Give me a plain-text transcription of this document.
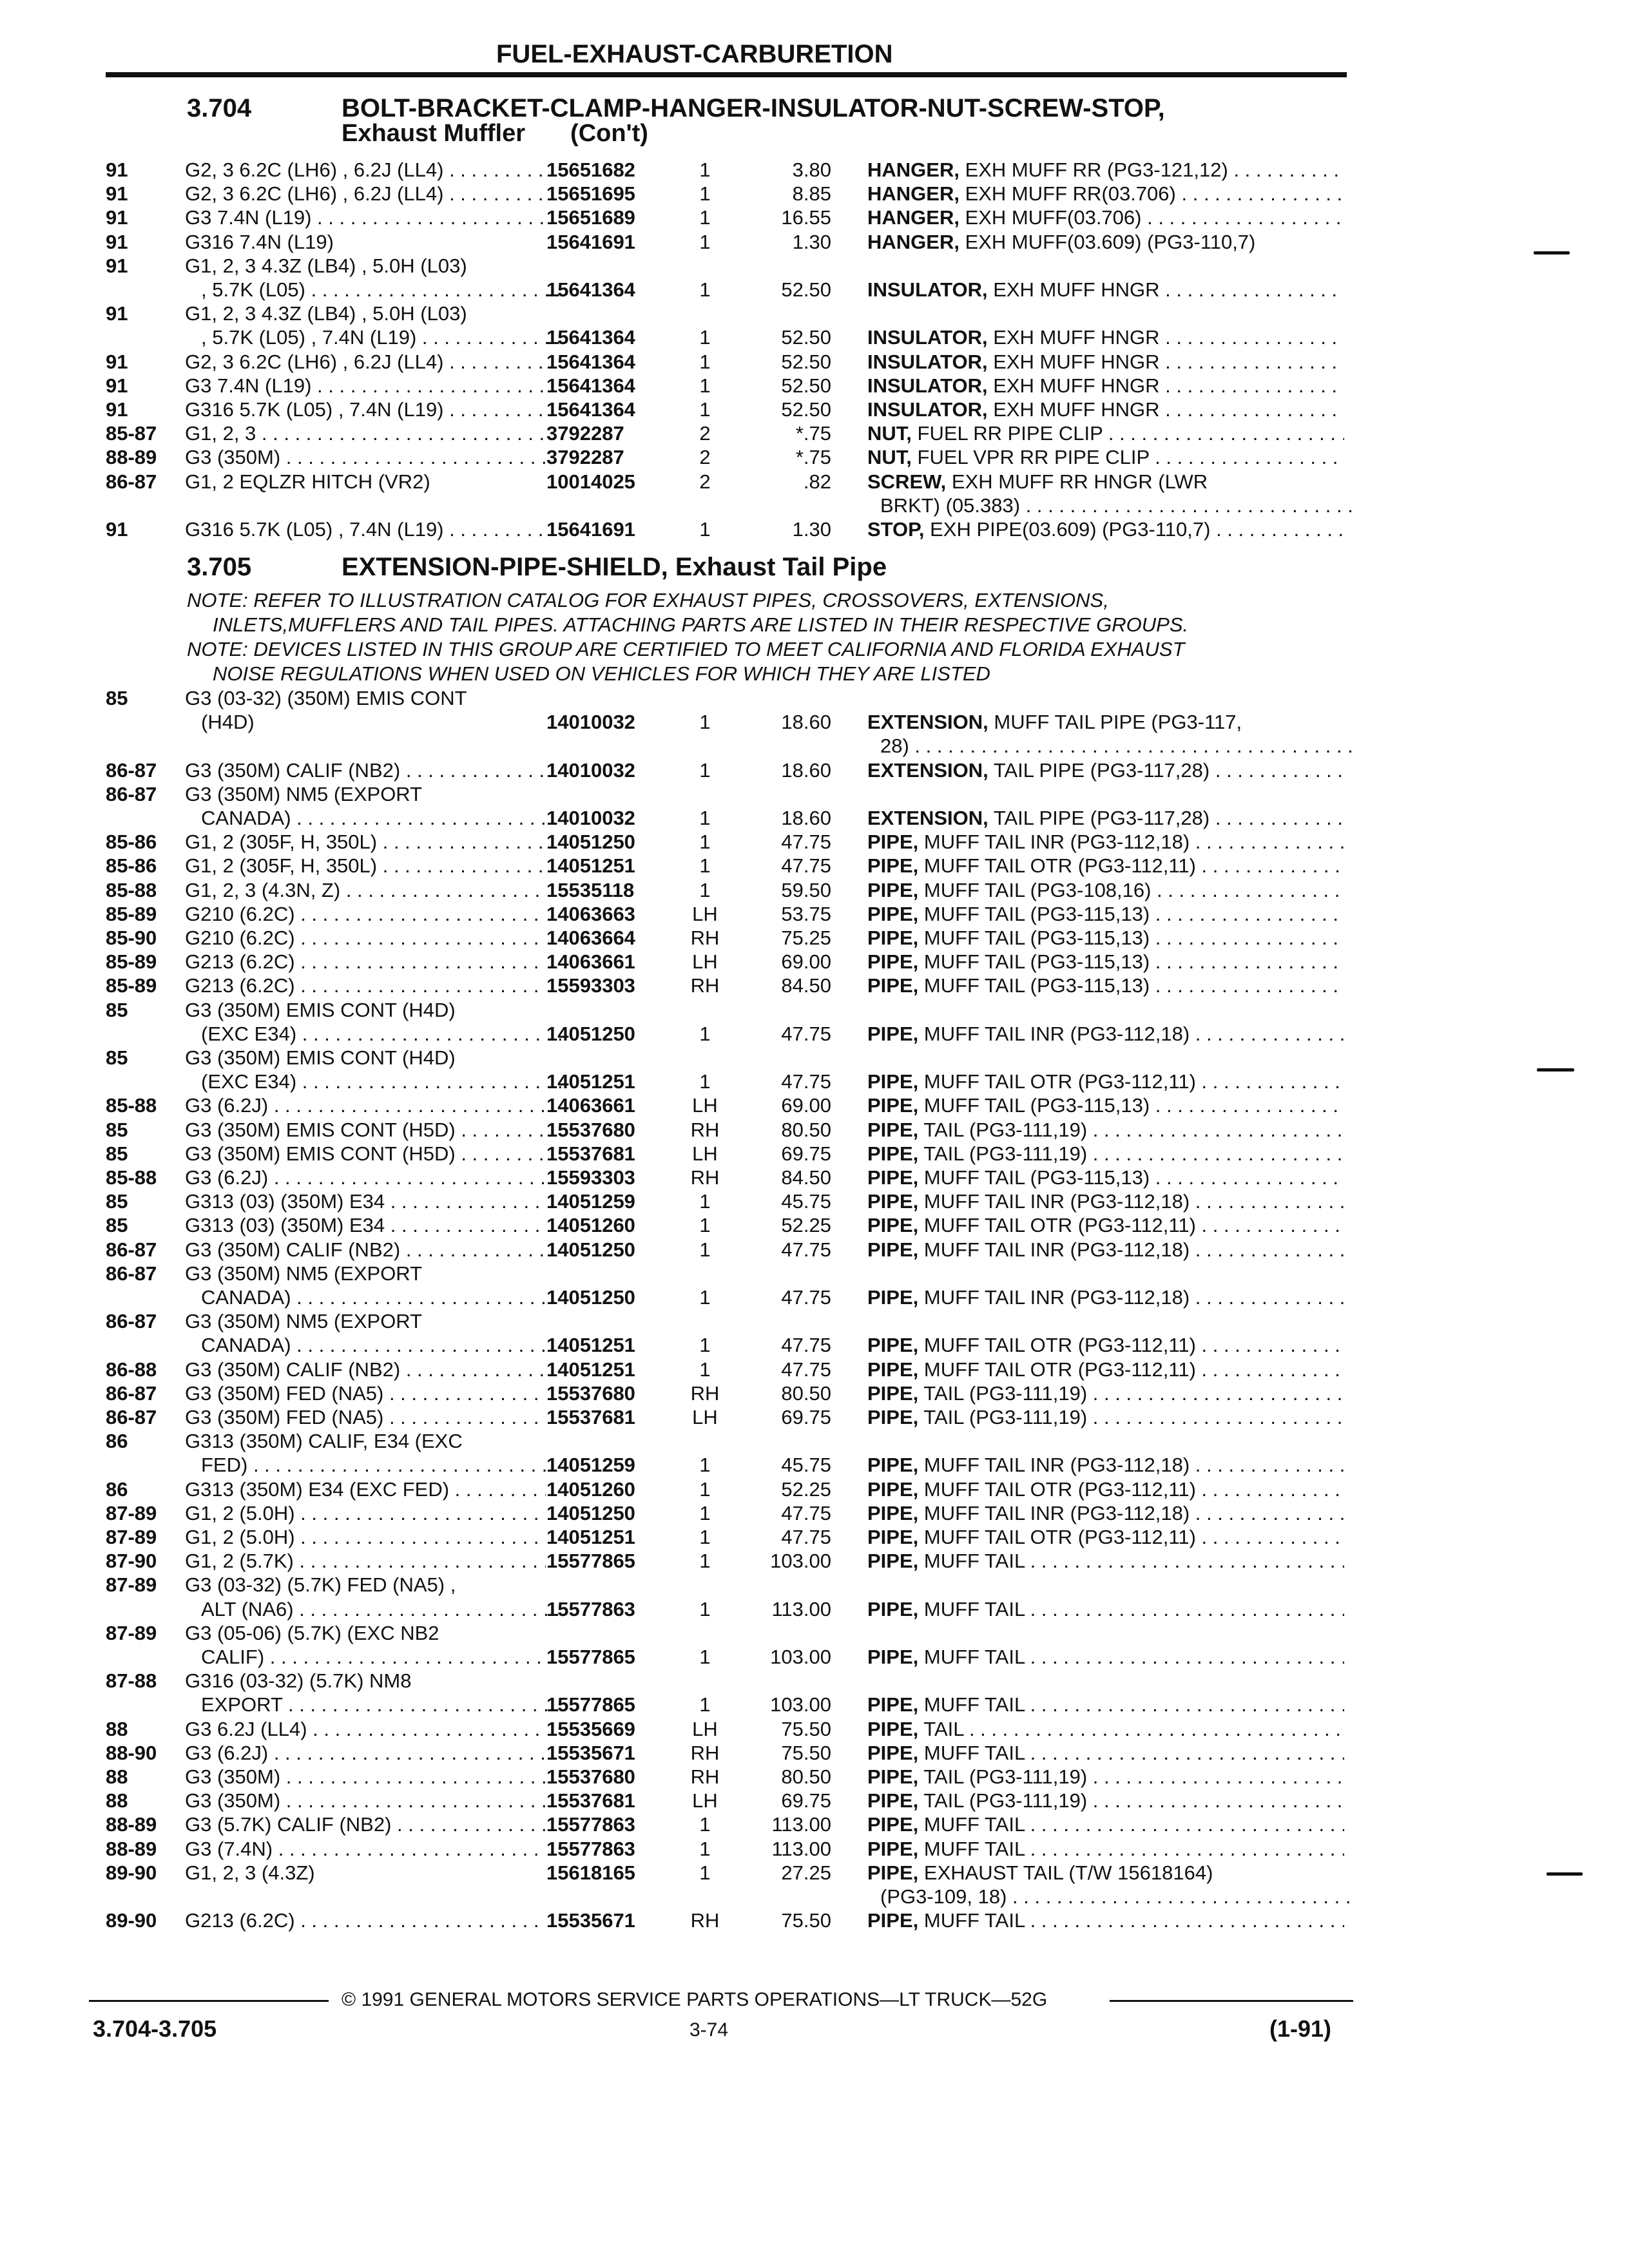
FUEL-EXHAUST-CARBURETION
3.704	BOLT-BRACKET-CLAMP-HANGER-INSULATOR-NUT-SCREW-STOP,
Exhaust Muffler (Con't)
3.705	EXTENSION-PIPE-SHIELD, Exhaust Tail Pipe
NOTE: REFER TO ILLUSTRATION CATALOG FOR EXHAUST PIPES, CROSSOVERS, EXTENSIONS,
INLETS,MUFFLERS AND TAIL PIPES. ATTACHING PARTS ARE LISTED IN THEIR RESPECTIVE GROUPS.
NOTE: DEVICES LISTED IN THIS GROUP ARE CERTIFIED TO MEET CALIFORNIA AND FLORIDA EXHAUST
NOISE REGULATIONS WHEN USED ON VEHICLES FOR WHICH THEY ARE LISTED
91	G2, 3 6.2C (LH6) , 6.2J (LL4) . . .	15651682	1	3.80 HANGER, EXH MUFF RR (PG3-121,12) . . .
91	G2, 3 6.2C (LH6) , 6.2J (LL4) . . .	15651695	1	8.85 HANGER, EXH MUFF RR(03.706) . . .
91	G3 7.4N (L19) . . .	15651689	1	16.55 HANGER, EXH MUFF(03.706) . . .
91	G316 7.4N (L19)	15641691	1	1.30 HANGER, EXH MUFF(03.609) (PG3-110,7)
91	G1, 2, 3 4.3Z (LB4) , 5.0H (L03)
, 5.7K (L05) . . .	15641364	1	52.50 INSULATOR, EXH MUFF HNGR . . .
91	G1, 2, 3 4.3Z (LB4) , 5.0H (L03)
, 5.7K (L05) , 7.4N (L19) . . .	15641364	1	52.50 INSULATOR, EXH MUFF HNGR . . .
91	G2, 3 6.2C (LH6) , 6.2J (LL4) . . .	15641364	1	52.50 INSULATOR, EXH MUFF HNGR . . .
91	G3 7.4N (L19) . . .	15641364	1	52.50 INSULATOR, EXH MUFF HNGR . . .
91	G316 5.7K (L05) , 7.4N (L19) . . .	15641364	1	52.50 INSULATOR, EXH MUFF HNGR . . .
85-87 G1, 2, 3 . . .	3792287	2	*.75 NUT, FUEL RR PIPE CLIP . . .
88-89 G3 (350M) . . .	3792287	2	*.75 NUT, FUEL VPR RR PIPE CLIP . . .
86-87 G1, 2 EQLZR HITCH (VR2)	10014025	2	.82 SCREW, EXH MUFF RR HNGR (LWR
BRKT) (05.383) . . .
91	G316 5.7K (L05) , 7.4N (L19) . . .	15641691	1	1.30 STOP, EXH PIPE(03.609) (PG3-110,7) . . .
85	G3 (03-32) (350M) EMIS CONT
(H4D)	14010032	1	18.60 EXTENSION, MUFF TAIL PIPE (PG3-117,
28) . . .
86-87 G3 (350M) CALIF (NB2) . . .	14010032	1	18.60 EXTENSION, TAIL PIPE (PG3-117,28) . . .
86-87 G3 (350M) NM5 (EXPORT
CANADA) . . .	14010032	1	18.60 EXTENSION, TAIL PIPE (PG3-117,28) . . .
85-86 G1, 2 (305F, H, 350L) . . .	14051250	1	47.75 PIPE, MUFF TAIL INR (PG3-112,18) . . .
85-86 G1, 2 (305F, H, 350L) . . .	14051251	1	47.75 PIPE, MUFF TAIL OTR (PG3-112,11) . . .
85-88 G1, 2, 3 (4.3N, Z) . . .	15535118	1	59.50 PIPE, MUFF TAIL (PG3-108,16) . . .
85-89 G210 (6.2C) . . .	14063663	LH	53.75 PIPE, MUFF TAIL (PG3-115,13) . . .
85-90 G210 (6.2C) . . .	14063664	RH	75.25 PIPE, MUFF TAIL (PG3-115,13) . . .
85-89 G213 (6.2C) . . .	14063661	LH	69.00 PIPE, MUFF TAIL (PG3-115,13) . . .
85-89 G213 (6.2C) . . .	15593303	RH	84.50 PIPE, MUFF TAIL (PG3-115,13) . . .
85	G3 (350M) EMIS CONT (H4D)
(EXC E34) . . .	14051250	1	47.75 PIPE, MUFF TAIL INR (PG3-112,18) . . .
85	G3 (350M) EMIS CONT (H4D)
(EXC E34) . . .	14051251	1	47.75 PIPE, MUFF TAIL OTR (PG3-112,11) . . .
85-88 G3 (6.2J) . . .	14063661	LH	69.00 PIPE, MUFF TAIL (PG3-115,13) . . .
85	G3 (350M) EMIS CONT (H5D) . . .	15537680	RH	80.50 PIPE, TAIL (PG3-111,19) . . .
85	G3 (350M) EMIS CONT (H5D) . . .	15537681	LH	69.75 PIPE, TAIL (PG3-111,19) . . .
85-88 G3 (6.2J) . . .	15593303	RH	84.50 PIPE, MUFF TAIL (PG3-115,13) . . .
85	G313 (03) (350M) E34 . . .	14051259	1	45.75 PIPE, MUFF TAIL INR (PG3-112,18) . . .
85	G313 (03) (350M) E34 . . .	14051260	1	52.25 PIPE, MUFF TAIL OTR (PG3-112,11) . . .
86-87 G3 (350M) CALIF (NB2) . . .	14051250	1	47.75 PIPE, MUFF TAIL INR (PG3-112,18) . . .
86-87 G3 (350M) NM5 (EXPORT
CANADA) . . .	14051250	1	47.75 PIPE, MUFF TAIL INR (PG3-112,18) . . .
86-87 G3 (350M) NM5 (EXPORT
CANADA) . . .	14051251	1	47.75 PIPE, MUFF TAIL OTR (PG3-112,11) . . .
86-88 G3 (350M) CALIF (NB2) . . .	14051251	1	47.75 PIPE, MUFF TAIL OTR (PG3-112,11) . . .
86-87 G3 (350M) FED (NA5) . . .	15537680	RH	80.50 PIPE, TAIL (PG3-111,19) . . .
86-87 G3 (350M) FED (NA5) . . .	15537681	LH	69.75 PIPE, TAIL (PG3-111,19) . . .
86	G313 (350M) CALIF, E34 (EXC
FED) . . .	14051259	1	45.75 PIPE, MUFF TAIL INR (PG3-112,18) . . .
86	G313 (350M) E34 (EXC FED) . . .	14051260	1	52.25 PIPE, MUFF TAIL OTR (PG3-112,11) . . .
87-89 G1, 2 (5.0H) . . .	14051250	1	47.75 PIPE, MUFF TAIL INR (PG3-112,18) . . .
87-89 G1, 2 (5.0H) . . .	14051251	1	47.75 PIPE, MUFF TAIL OTR (PG3-112,11) . . .
87-90 G1, 2 (5.7K) . . .	15577865	1	103.00 PIPE, MUFF TAIL . . .
87-89 G3 (03-32) (5.7K) FED (NA5) ,
ALT (NA6) . . .	15577863	1	113.00 PIPE, MUFF TAIL . . .
87-89 G3 (05-06) (5.7K) (EXC NB2
CALIF) . . .	15577865	1	103.00 PIPE, MUFF TAIL . . .
87-88 G316 (03-32) (5.7K) NM8
EXPORT . . .	15577865	1	103.00 PIPE, MUFF TAIL . . .
88	G3 6.2J (LL4) . . .	15535669	LH	75.50 PIPE, TAIL . . .
88-90 G3 (6.2J) . . .	15535671	RH	75.50 PIPE, MUFF TAIL . . .
88	G3 (350M) . . .	15537680	RH	80.50 PIPE, TAIL (PG3-111,19) . . .
88	G3 (350M) . . .	15537681	LH	69.75 PIPE, TAIL (PG3-111,19) . . .
88-89 G3 (5.7K) CALIF (NB2) . . .	15577863	1	113.00 PIPE, MUFF TAIL . . .
88-89 G3 (7.4N) . . .	15577863	1	113.00 PIPE, MUFF TAIL . . .
89-90 G1, 2, 3 (4.3Z)	15618165	1	27.25 PIPE, EXHAUST TAIL (T/W 15618164)
(PG3-109, 18) . . .
89-90 G213 (6.2C) . . .	15535671	RH	75.50 PIPE, MUFF TAIL . . .
© 1991 GENERAL MOTORS SERVICE PARTS OPERATIONS—LT TRUCK—52G
3.704-3.705	3-74	(1-91)
